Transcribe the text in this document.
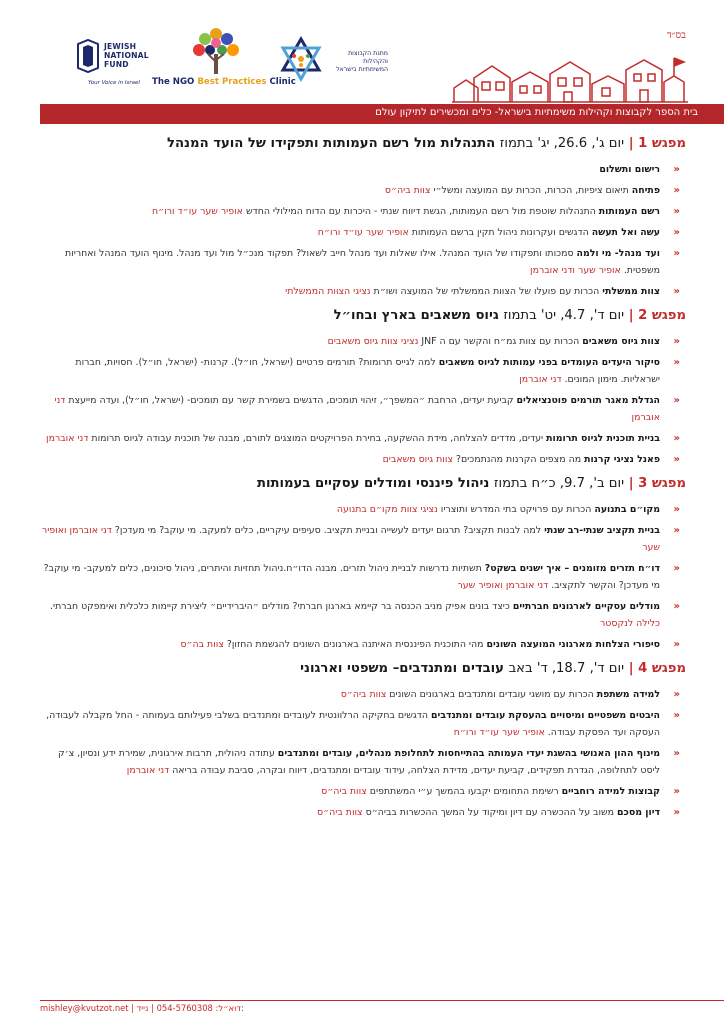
בס״ד
JEWISH
NATIONAL
FUND
Your Voice in Israel The NGO Best Practices Clinic
מתנת הקבוצות והקהילות
המשימתיות בישראל
בית הספר לקבוצות וקהילות משימתיות בישראל- כלים ומכשירים לתיקון עולם
מפגש 1 | יום ג', 26.6, יג' בתמוז התנהלות מול רשם העמותות ותפקידו של הועד המנהל
«
רישום ותשלום
«
פתיחה תיאום ציפיות, הכרות, הכרות עם המועצה ומשל״י צוות ביה״ס
«
רשם העמותות התנהלות שוטפת מול רשם העמותות, הגשת דיווח שנתי - היכרות עם הדוח המילולי החדש אופיר שער עו״ד ורו״ח
«
עשה ואל תעשה הדגשים ועקרונות ניהול תקין ברשם העמותות אופיר שער עו״ד ורו״ח
«
ועד מנהל- מי ולמה סמכותו ותפקודו של הועד המנהל. אילו שאלות ועד מנהל חייב לשאול? תפקוד מנכ״ל מול ועד מנהל. מינוף הועד המנהל ואחריות משפטית. אופיר שער ודני אוברמן
«
צוות ממשלתי הכרות עם פועלו של הצוות הממשלתי של המועצה ושו״ת נציגי הצוות הממשלתי
מפגש 2 | יום ד', 4.7, יט' בתמוז גיוס משאבים בארץ ובחו״ל
«
צוות גיוס משאבים הכרות עם צוות גמ״ח והקשר עם ה JNF נציגי צוות גיוס משאבים
«
סיקור היעדים העומדים בפני עמותות לגיוס משאבים למה לגייס תרומות? תורמים פרטיים (ישראל, חו״ל). קרנות- (ישראל, חו״ל). חסויות, חברות ישראליות. מימון המונים. דני אוברמן
«
הגדלת מאגר תורמים פוטנציאלים קביעת יעדים, הרחבת ״המשפך״, זיהוי תומכים, הדגשים בשמירת קשר עם תומכים- (ישראל, חו״ל), ועדה מייעצת דני אוברמן
«
בניית תוכנית לגיוס תרומות יעדים, מדדים להצלחה, מידת ההשקעה, בחירת הפרויקטים המוצגים לתורם, מבנה של תוכנית עבודה לגיוס תרומות דני אוברמן
«
פאנל נציגי קרנות מה מצפים הקרנות מהנתמכים? צוות גיוס משאבים
מפגש 3 | יום ב', 9.7, כ״ח בתמוז ניהול פיננסי ומודלים עסקיים בעמותות
«
מקו״ם בתנועה הכרות עם פרויקט בתי המדרש ותוצריו נציגי צוות מקו״ם בתנועה
«
בניית תקציב שנתי-רב שנתי למה לבנות תקציב? תרגום יעדים לעשייה ובניית תקציב. סעיפים עיקריים, כלים למעקב. מי עוקב? מי מעדכן? דני אוברמן ואופיר שער
«
דו״ח תזרים מזומנים – איך ישנים בשקט? תשתיות נדרשות לבניית ניהול תזרים. מבנה הדו״ח.ניהול תחזיות והיתרים, ניהול סיכונים, כלים למעקב- מי עוקב? מי מעדכן? והקשר לתקציב. דני אוברמן ואופיר שער
«
מודלים עסקיים לארגונים חברתיים כיצד בונים אפיק מניב הכנסה בר קיימא בארגון חברתי? מודלים ״היברידיים״ ליצירת קיימות כלכלית ואימפקט חברתי. כלילה לנקסטר
«
סיפורי הצלחות מארגוני המועצה השונים מהי התוכנית הפיננסית האיתנה בארגונים השונים להגשמת החזון? צוות בה״ס
מפגש 4 | יום ד', 18.7, ד' באב עובדים ומתנדבים– משפטי וארגוני
«
למידה משתפת הכרות עם מושגי עובדים ומתנדבים בארגונים השונים צוות ביה״ס
«
היבטים משפטיים ומיסויים בהעסקת עובדים ומתנדבים הדגשים בחקיקה הרלוונטית לעובדים ומתנדבים בשלבי פעילותם בעמותה - החל מקבלה לעבודה, העסקה ועד הפסקת עבודה. אופיר שער עו״ד ורו״ח
«
מינוף ההון האנושי בהשגת יעדי העמותה בהתייחסות לתחלופת מנהלים, עובדים ומתנדבים עתודה ניהולית, תרבות אירגונית, שמירת ידע ונסיון, צ׳ק ליסט לתחלופה, הגדרת תפקידים, קביעת יעדים, מדידת הצלחה, עידוד עובדים ומתנדבים, דיווח ובקרה, סביבת עבודה בריאה דני אוברמן
«
קבוצות למידה רוחביים רשימת התחומים יקבעו בהמשך ע״י המשתתפים צוות ביה״ס
«
דיון מסכם משוב על ההכשרה עם דיון ומיקוד על המשך ההכשרות בביה״ס צוות ביה״ס
mishley@kvutzot.net | דוא״ל: 054-5760308 | נייד:
